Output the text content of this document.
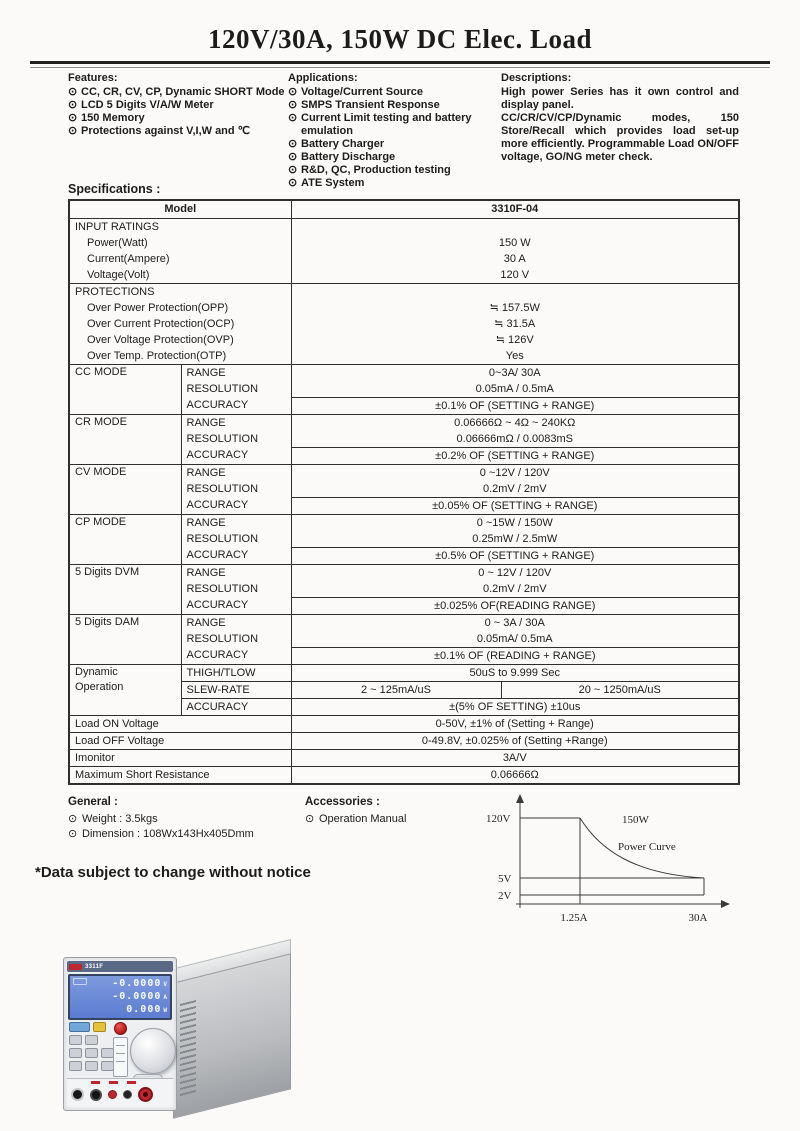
120V/30A, 150W DC Elec. Load
Features:
⊙ CC, CR, CV, CP, Dynamic SHORT Mode
⊙ LCD 5 Digits V/A/W Meter
⊙ 150 Memory
⊙ Protections against V,I,W and ℃
Applications:
⊙ Voltage/Current Source
⊙ SMPS Transient Response
⊙ Current Limit testing and battery emulation
⊙ Battery Charger
⊙ Battery Discharge
⊙ R&D, QC, Production testing
⊙ ATE System
Descriptions:

High power Series has it own control and display panel.

CC/CR/CV/CP/Dynamic modes, 150 Store/Recall which provides load set-up more efficiently. Programmable Load ON/OFF voltage, GO/NG meter check.

Specifications :
Model		3310F-04	
INPUT RATINGS			
Power(Watt)		150 W	
Current(Ampere)		30 A	
Voltage(Volt)		120 V	
PROTECTIONS			
Over Power Protection(OPP)		≒ 157.5W	
Over Current Protection(OCP)		≒ 31.5A	
Over Voltage Protection(OVP)		≒ 126V	
Over Temp. Protection(OTP)		Yes	
CC MODE	RANGE	0~3A/ 30A	
	RESOLUTION	0.05mA / 0.5mA	
	ACCURACY	±0.1% OF (SETTING + RANGE)	
CR MODE	RANGE	0.06666Ω ~ 4Ω ~ 240KΩ	
	RESOLUTION	0.06666mΩ / 0.0083mS	
	ACCURACY	±0.2% OF (SETTING + RANGE)	
CV MODE	RANGE	0 ~12V / 120V	
	RESOLUTION	0.2mV / 2mV	
	ACCURACY	±0.05% OF (SETTING + RANGE)	
CP MODE	RANGE	0 ~15W / 150W	
	RESOLUTION	0.25mW / 2.5mW	
	ACCURACY	±0.5% OF (SETTING + RANGE)	
5 Digits DVM	RANGE	0 ~ 12V / 120V	
	RESOLUTION	0.2mV / 2mV	
	ACCURACY	±0.025% OF(READING RANGE)	
5 Digits DAM	RANGE	0 ~ 3A / 30A	
	RESOLUTION	0.05mA/ 0.5mA	
	ACCURACY	±0.1% OF (READING + RANGE)	

Dynamic
Operation	THIGH/TLOW	50uS to 9.999 Sec	
	SLEW-RATE	2 ~ 125mA/uS	20 ~ 1250mA/uS
	ACCURACY	±(5% OF SETTING) ±10us	
Load ON Voltage		0-50V, ±1% of (Setting + Range)	
Load OFF Voltage		0-49.8V, ±0.025% of (Setting +Range)	
Imonitor		3A/V	
Maximum Short Resistance		0.06666Ω	
General :
⊙ Weight : 3.5kgs
⊙ Dimension : 108Wx143Hx405Dmm
Accessories :
⊙ Operation Manual	120V
5V
2V
1.25A	30A
150W
Power Curve
*Data subject to change without notice
3311F
-0.0000 V
-0.0000 A
0.000 W
